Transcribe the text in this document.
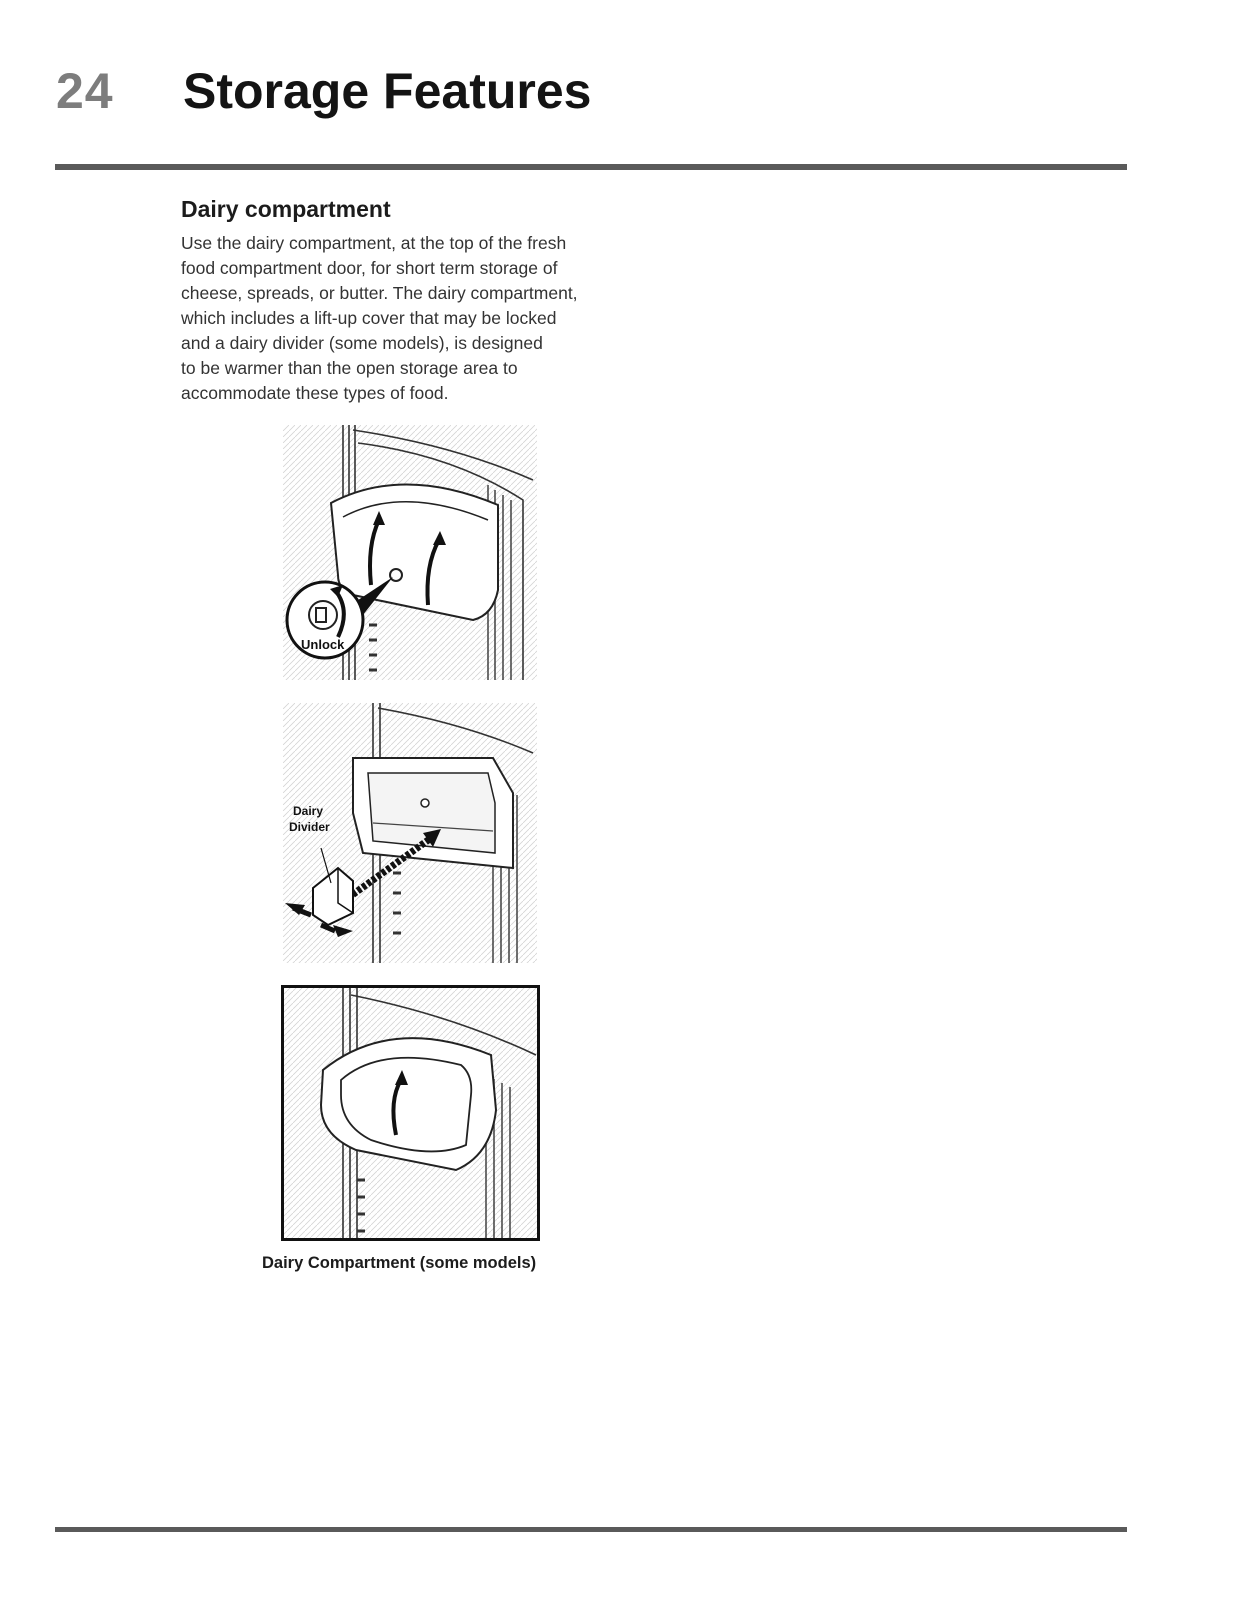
24 Storage Features
Dairy compartment
Use the dairy compartment, at the top of the fresh
food compartment door, for short term storage of
cheese, spreads, or butter. The dairy compartment,
which includes a lift-up cover that may be locked
and a dairy divider (some models), is designed
to be warmer than the open storage area to
accommodate these types of food.
Unlock
Dairy
Divider
Dairy Compartment (some models)
